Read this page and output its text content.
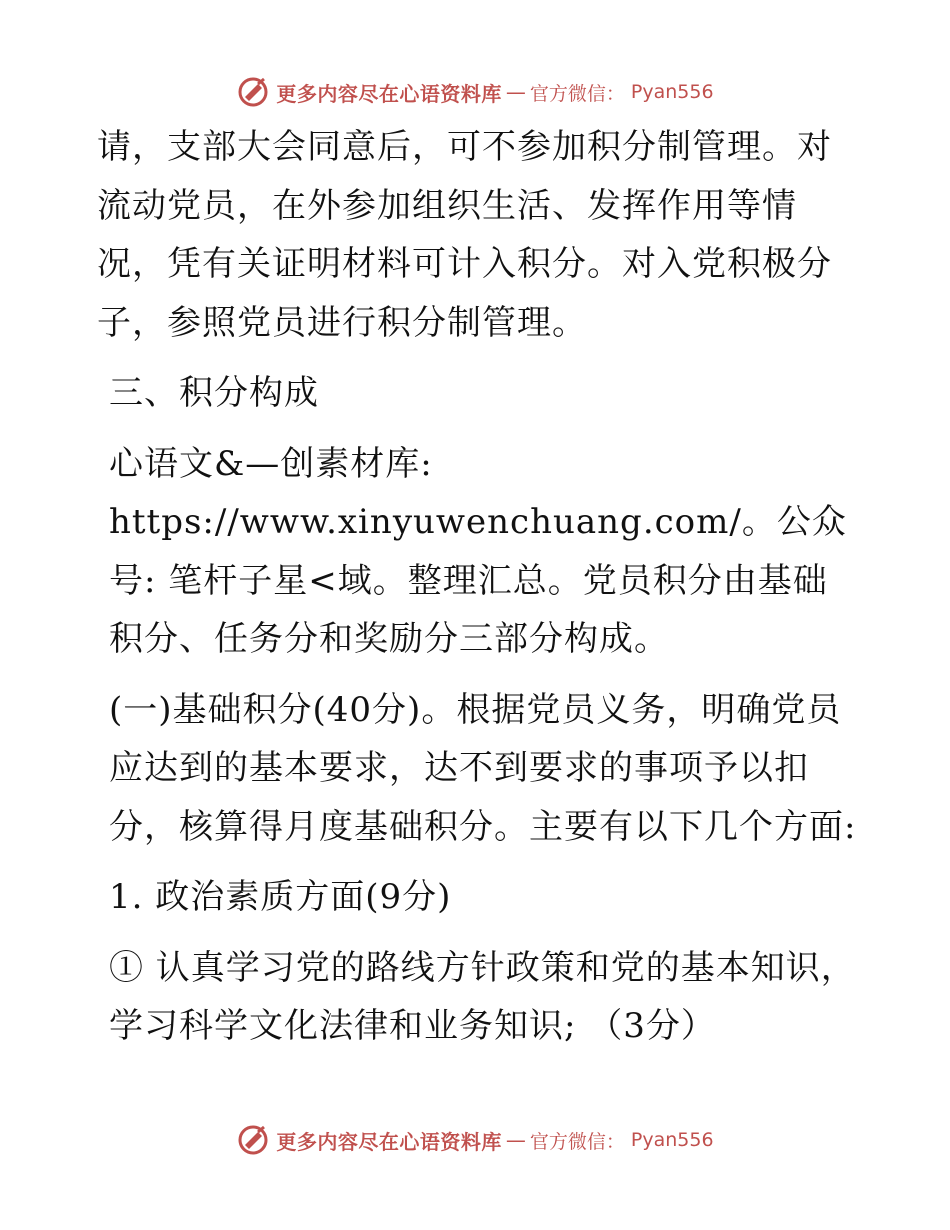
更多内容尽在心语资料库 — 官方微信： Pyan556

请，支部大会同意后，可不参加积分制管理。对流动党员，在外参加组织生活、发挥作用等情况，凭有关证明材料可计入积分。对入党积极分子，参照党员进行积分制管理。

三、积分构成

心语文&—创素材库: https://www.xinyuwenchuang.com/。公众号: 笔杆子星<域。整理汇总。党员积分由基础积分、任务分和奖励分三部分构成。

(一)基础积分(40分)。根据党员义务，明确党员应达到的基本要求，达不到要求的事项予以扣分，核算得月度基础积分。主要有以下几个方面:

1. 政治素质方面(9分)

① 认真学习党的路线方针政策和党的基本知识，学习科学文化法律和业务知识; （3分）

更多内容尽在心语资料库 — 官方微信： Pyan556
